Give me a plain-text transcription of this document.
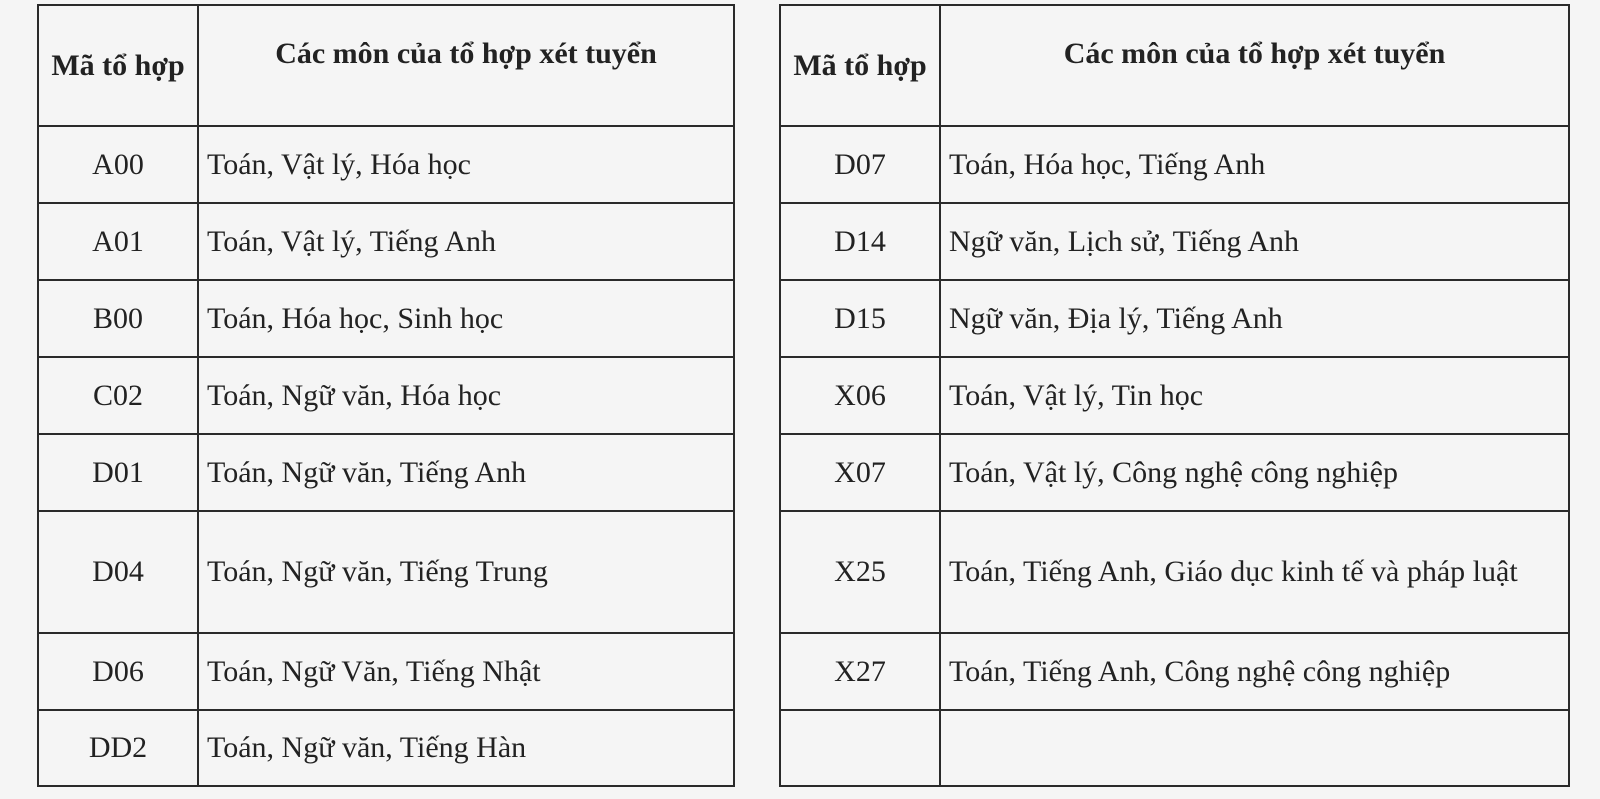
Mã tổ hợp	Các môn của tổ hợp xét tuyển
A00	Toán, Vật lý, Hóa học
A01	Toán, Vật lý, Tiếng Anh
B00	Toán, Hóa học, Sinh học
C02	Toán, Ngữ văn, Hóa học
D01	Toán, Ngữ văn, Tiếng Anh
D04	Toán, Ngữ văn, Tiếng Trung
D06	Toán, Ngữ Văn, Tiếng Nhật
DD2	Toán, Ngữ văn, Tiếng Hàn
Mã tổ hợp	Các môn của tổ hợp xét tuyển
D07	Toán, Hóa học, Tiếng Anh
D14	Ngữ văn, Lịch sử, Tiếng Anh
D15	Ngữ văn, Địa lý, Tiếng Anh
X06	Toán, Vật lý, Tin học
X07	Toán, Vật lý, Công nghệ công nghiệp
X25	Toán, Tiếng Anh, Giáo dục kinh tế và pháp luật
X27	Toán, Tiếng Anh, Công nghệ công nghiệp
